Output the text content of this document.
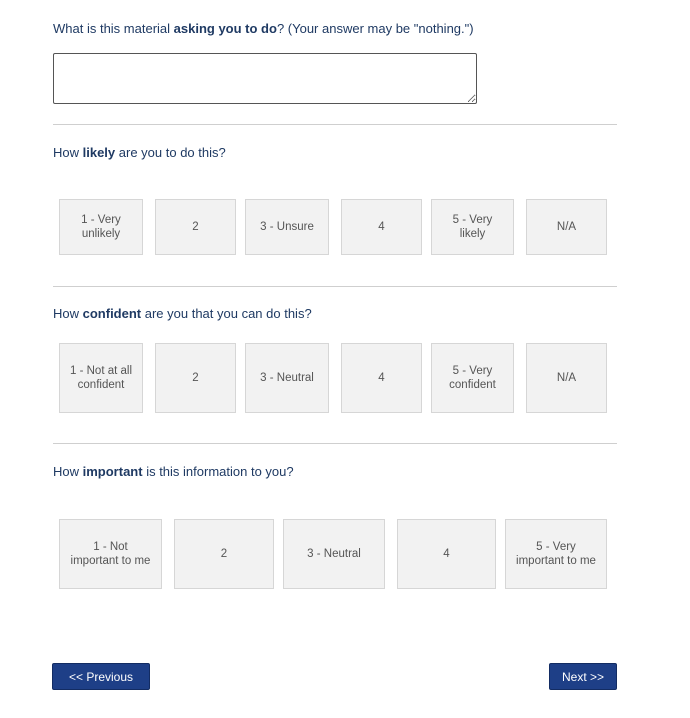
What is this material asking you to do? (Your answer may be "nothing.")
How likely are you to do this?
1 - Very unlikely
2	3 - Unsure	4
5 - Very likely
N/A
How confident are you that you can do this?
1 - Not at all confident
2	3 - Neutral	4
5 - Very confident
N/A
How important is this information to you?
1 - Not important to me
2	3 - Neutral	4
5 - Very important to me
<< Previous	Next >>
